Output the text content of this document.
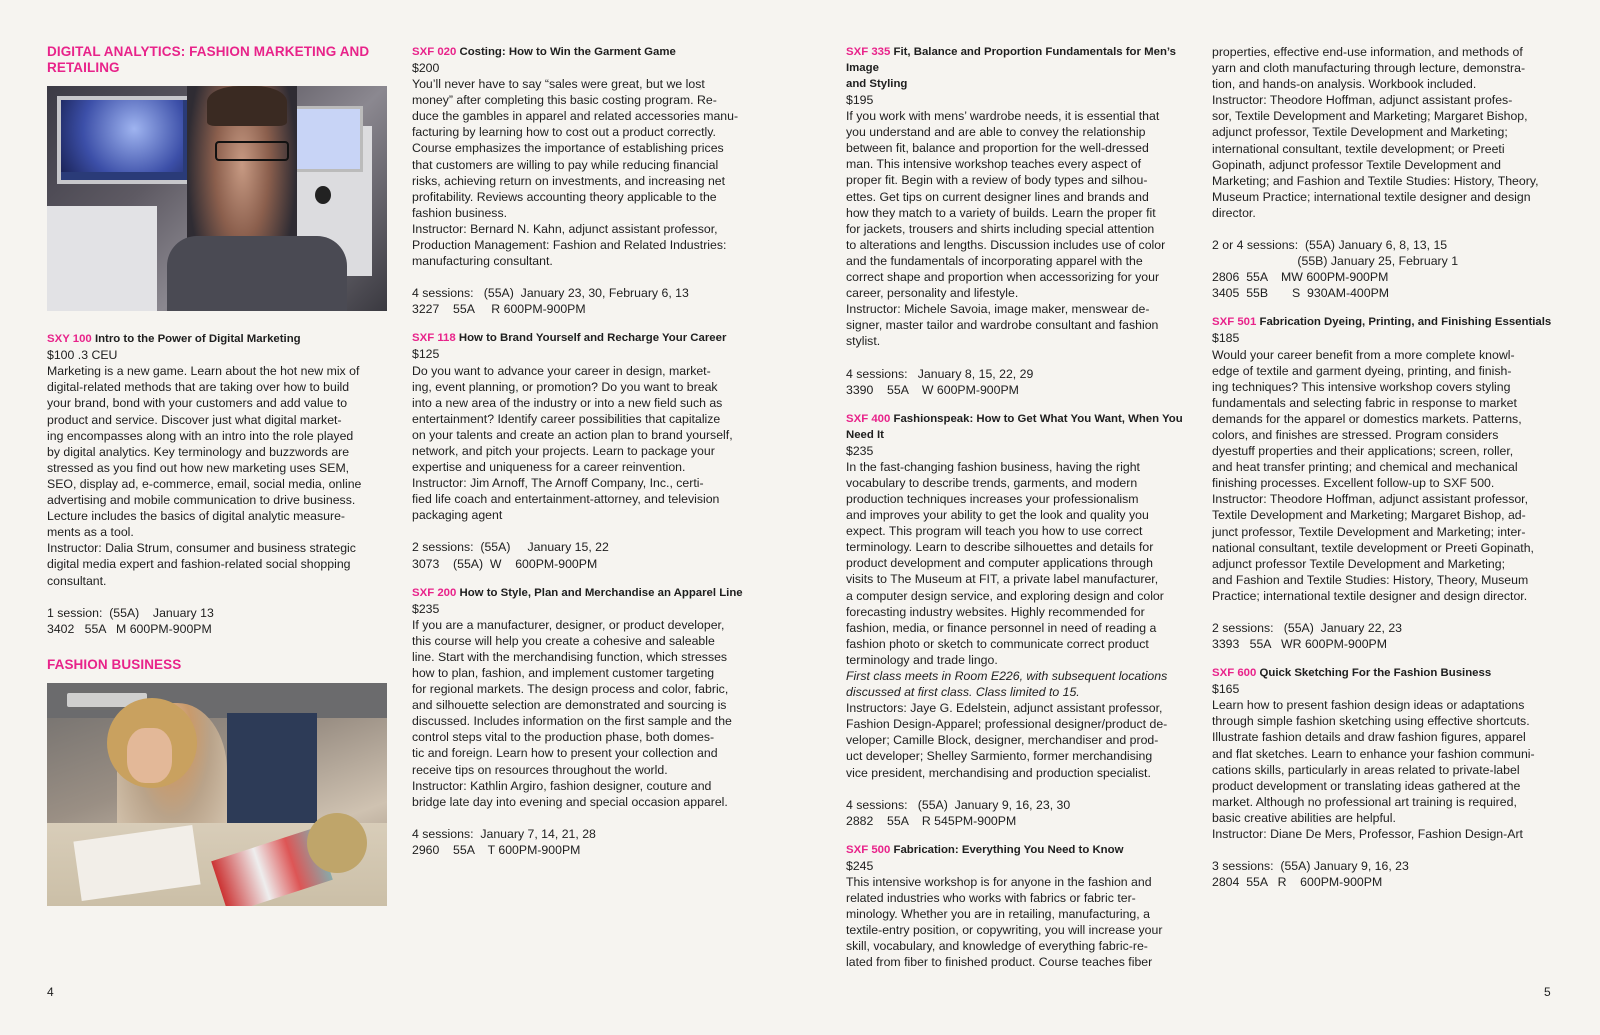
DIGITAL ANALYTICS: FASHION MARKETING AND RETAILING
SXY 100 Intro to the Power of Digital Marketing
$100 .3 CEU
Marketing is a new game. Learn about the hot new mix of
digital-related methods that are taking over how to build
your brand, bond with your customers and add value to
product and service. Discover just what digital market-
ing encompasses along with an intro into the role played
by digital analytics. Key terminology and buzzwords are
stressed as you find out how new marketing uses SEM,
SEO, display ad, e-commerce, email, social media, online
advertising and mobile communication to drive business.
Lecture includes the basics of digital analytic measure-
ments as a tool.
Instructor: Dalia Strum, consumer and business strategic
digital media expert and fashion-related social shopping
consultant.
1 session:  (55A)    January 13
3402   55A   M 600PM-900PM
FASHION BUSINESS
SXF 020 Costing: How to Win the Garment Game
$200
You’ll never have to say “sales were great, but we lost
money” after completing this basic costing program. Re-
duce the gambles in apparel and related accessories manu-
facturing by learning how to cost out a product correctly.
Course emphasizes the importance of establishing prices
that customers are willing to pay while reducing financial
risks, achieving return on investments, and increasing net
profitability. Reviews accounting theory applicable to the
fashion business.
Instructor: Bernard N. Kahn, adjunct assistant professor,
Production Management: Fashion and Related Industries:
manufacturing consultant.
4 sessions:   (55A)  January 23, 30, February 6, 13
3227    55A     R 600PM-900PM
SXF 118 How to Brand Yourself and Recharge Your Career
$125
Do you want to advance your career in design, market-
ing, event planning, or promotion? Do you want to break
into a new area of the industry or into a new field such as
entertainment? Identify career possibilities that capitalize
on your talents and create an action plan to brand yourself,
network, and pitch your projects. Learn to package your
expertise and uniqueness for a career reinvention.
Instructor: Jim Arnoff, The Arnoff Company, Inc., certi-
fied life coach and entertainment-attorney, and television
packaging agent
2 sessions:  (55A)     January 15, 22
3073    (55A)  W    600PM-900PM
SXF 200 How to Style, Plan and Merchandise an Apparel Line
$235
If you are a manufacturer, designer, or product developer,
this course will help you create a cohesive and saleable
line. Start with the merchandising function, which stresses
how to plan, fashion, and implement customer targeting
for regional markets. The design process and color, fabric,
and silhouette selection are demonstrated and sourcing is
discussed. Includes information on the first sample and the
control steps vital to the production phase, both domes-
tic and foreign. Learn how to present your collection and
receive tips on resources throughout the world.
Instructor: Kathlin Argiro, fashion designer, couture and
bridge late day into evening and special occasion apparel.
4 sessions:  January 7, 14, 21, 28
2960    55A    T 600PM-900PM
SXF 335 Fit, Balance and Proportion Fundamentals for Men’s Image
and Styling
$195
If you work with mens’ wardrobe needs, it is essential that
you understand and are able to convey the relationship
between fit, balance and proportion for the well-dressed
man. This intensive workshop teaches every aspect of
proper fit. Begin with a review of body types and silhou-
ettes. Get tips on current designer lines and brands and
how they match to a variety of builds. Learn the proper fit
for jackets, trousers and shirts including special attention
to alterations and lengths. Discussion includes use of color
and the fundamentals of incorporating apparel with the
correct shape and proportion when accessorizing for your
career, personality and lifestyle.
Instructor: Michele Savoia, image maker, menswear de-
signer, master tailor and wardrobe consultant and fashion
stylist.
4 sessions:   January 8, 15, 22, 29
3390    55A    W 600PM-900PM
SXF 400 Fashionspeak: How to Get What You Want, When You
Need It
$235
In the fast-changing fashion business, having the right
vocabulary to describe trends, garments, and modern
production techniques increases your professionalism
and improves your ability to get the look and quality you
expect. This program will teach you how to use correct
terminology. Learn to describe silhouettes and details for
product development and computer applications through
visits to The Museum at FIT, a private label manufacturer,
a computer design service, and exploring design and color
forecasting industry websites. Highly recommended for
fashion, media, or finance personnel in need of reading a
fashion photo or sketch to communicate correct product
terminology and trade lingo.
First class meets in Room E226, with subsequent locations
discussed at first class. Class limited to 15.
Instructors: Jaye G. Edelstein, adjunct assistant professor,
Fashion Design-Apparel; professional designer/product de-
veloper; Camille Block, designer, merchandiser and prod-
uct developer; Shelley Sarmiento, former merchandising
vice president, merchandising and production specialist.
4 sessions:   (55A)  January 9, 16, 23, 30
2882    55A    R 545PM-900PM
SXF 500 Fabrication: Everything You Need to Know
$245
This intensive workshop is for anyone in the fashion and
related industries who works with fabrics or fabric ter-
minology. Whether you are in retailing, manufacturing, a
textile-entry position, or copywriting, you will increase your
skill, vocabulary, and knowledge of everything fabric-re-
lated from fiber to finished product. Course teaches fiber
properties, effective end-use information, and methods of
yarn and cloth manufacturing through lecture, demonstra-
tion, and hands-on analysis. Workbook included.
Instructor: Theodore Hoffman, adjunct assistant profes-
sor, Textile Development and Marketing; Margaret Bishop,
adjunct professor, Textile Development and Marketing;
international consultant, textile development; or Preeti
Gopinath, adjunct professor Textile Development and
Marketing; and Fashion and Textile Studies: History, Theory,
Museum Practice; international textile designer and design
director.
2 or 4 sessions:  (55A) January 6, 8, 13, 15
(55B) January 25, February 1
2806  55A    MW 600PM-900PM
3405  55B       S  930AM-400PM
SXF 501 Fabrication Dyeing, Printing, and Finishing Essentials
$185
Would your career benefit from a more complete knowl-
edge of textile and garment dyeing, printing, and finish-
ing techniques? This intensive workshop covers styling
fundamentals and selecting fabric in response to market
demands for the apparel or domestics markets. Patterns,
colors, and finishes are stressed. Program considers
dyestuff properties and their applications; screen, roller,
and heat transfer printing; and chemical and mechanical
finishing processes. Excellent follow-up to SXF 500.
Instructor: Theodore Hoffman, adjunct assistant professor,
Textile Development and Marketing; Margaret Bishop, ad-
junct professor, Textile Development and Marketing; inter-
national consultant, textile development or Preeti Gopinath,
adjunct professor Textile Development and Marketing;
and Fashion and Textile Studies: History, Theory, Museum
Practice; international textile designer and design director.
2 sessions:   (55A)  January 22, 23
3393   55A   WR 600PM-900PM
SXF 600 Quick Sketching For the Fashion Business
$165
Learn how to present fashion design ideas or adaptations
through simple fashion sketching using effective shortcuts.
Illustrate fashion details and draw fashion figures, apparel
and flat sketches. Learn to enhance your fashion communi-
cations skills, particularly in areas related to private-label
product development or translating ideas gathered at the
market. Although no professional art training is required,
basic creative abilities are helpful.
Instructor: Diane De Mers, Professor, Fashion Design-Art
3 sessions:  (55A) January 9, 16, 23
2804  55A   R    600PM-900PM
4	5
